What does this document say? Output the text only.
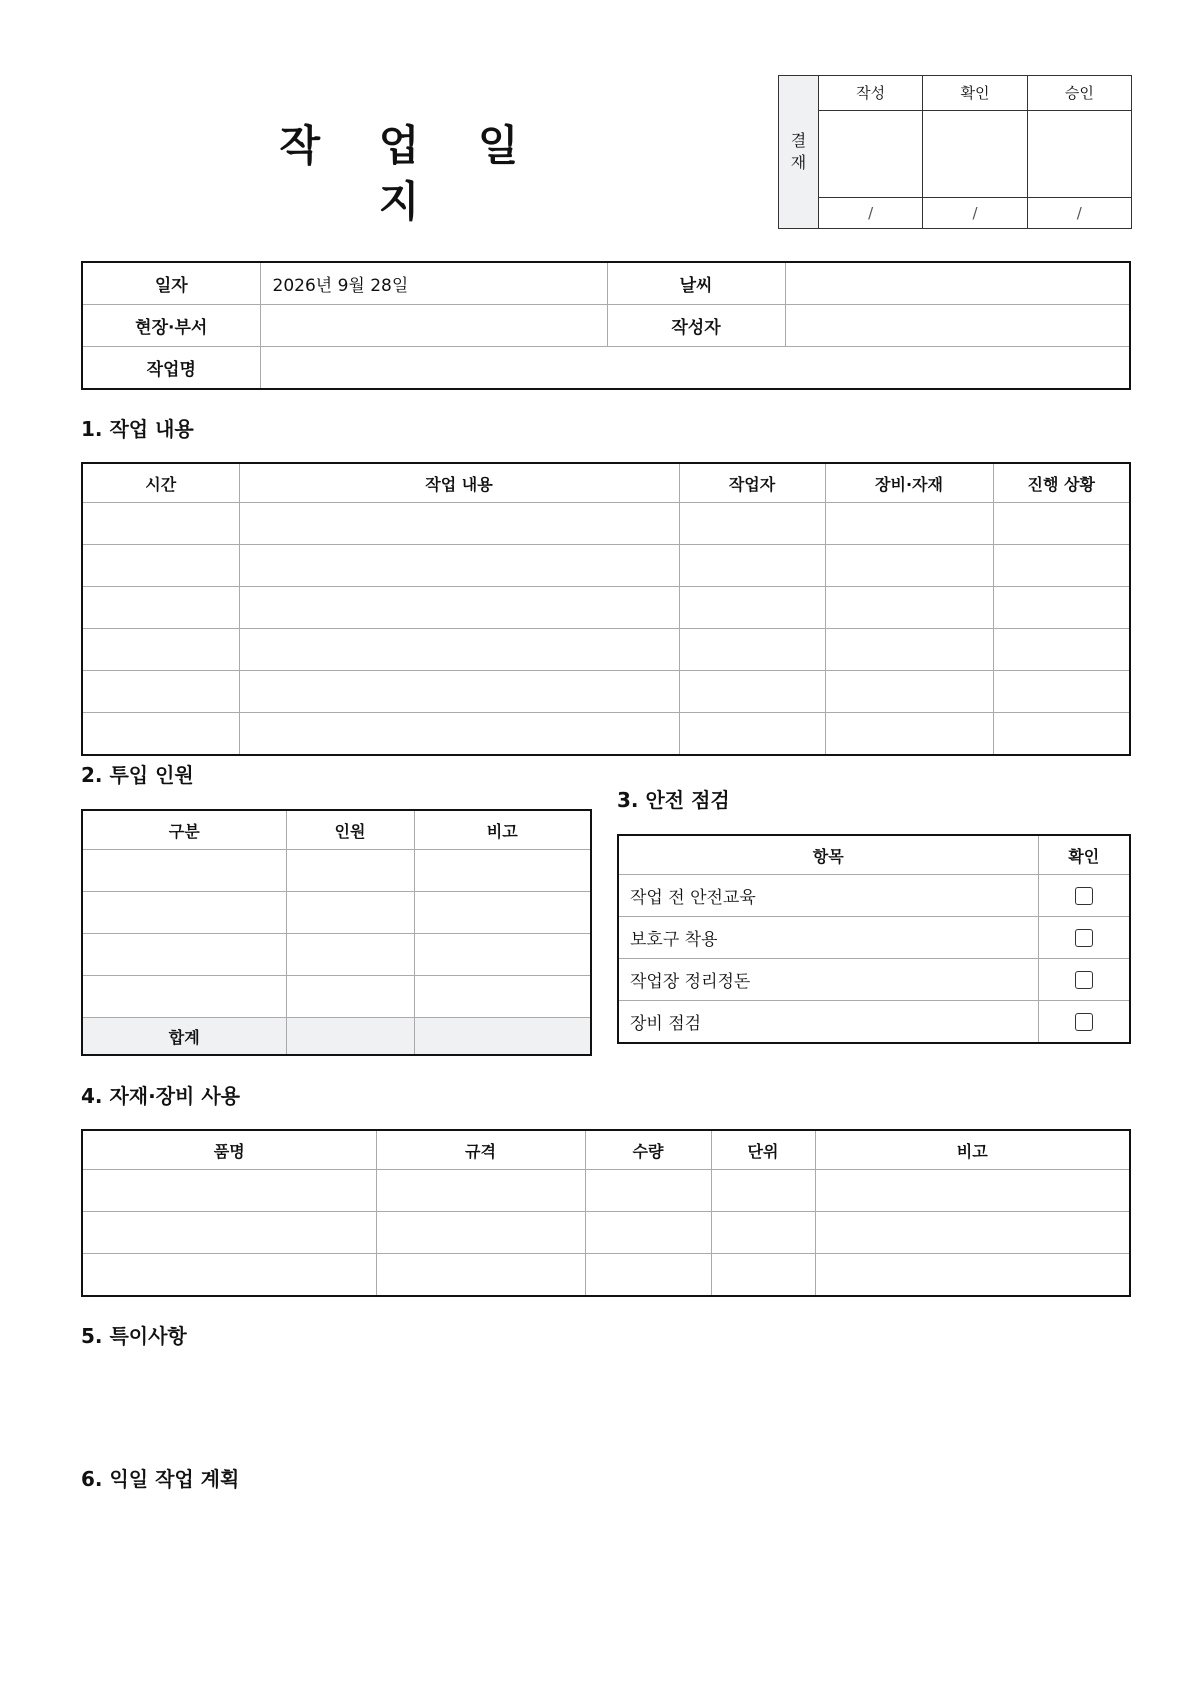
작 업 일 지
결
재	작성	확인	승인

	/	/	/
일자	2026년 9월 28일	날씨	
현장·부서		작성자	
작업명			
1. 작업 내용
시간	작업 내용	작업자	장비·자재	진행 상황

2. 투입 인원
구분	인원	비고

합계		
3. 안전 점검
항목	확인
작업 전 안전교육	
보호구 착용	
작업장 정리정돈	
장비 점검	
4. 자재·장비 사용
품명	규격	수량	단위	비고

5. 특이사항
6. 익일 작업 계획
